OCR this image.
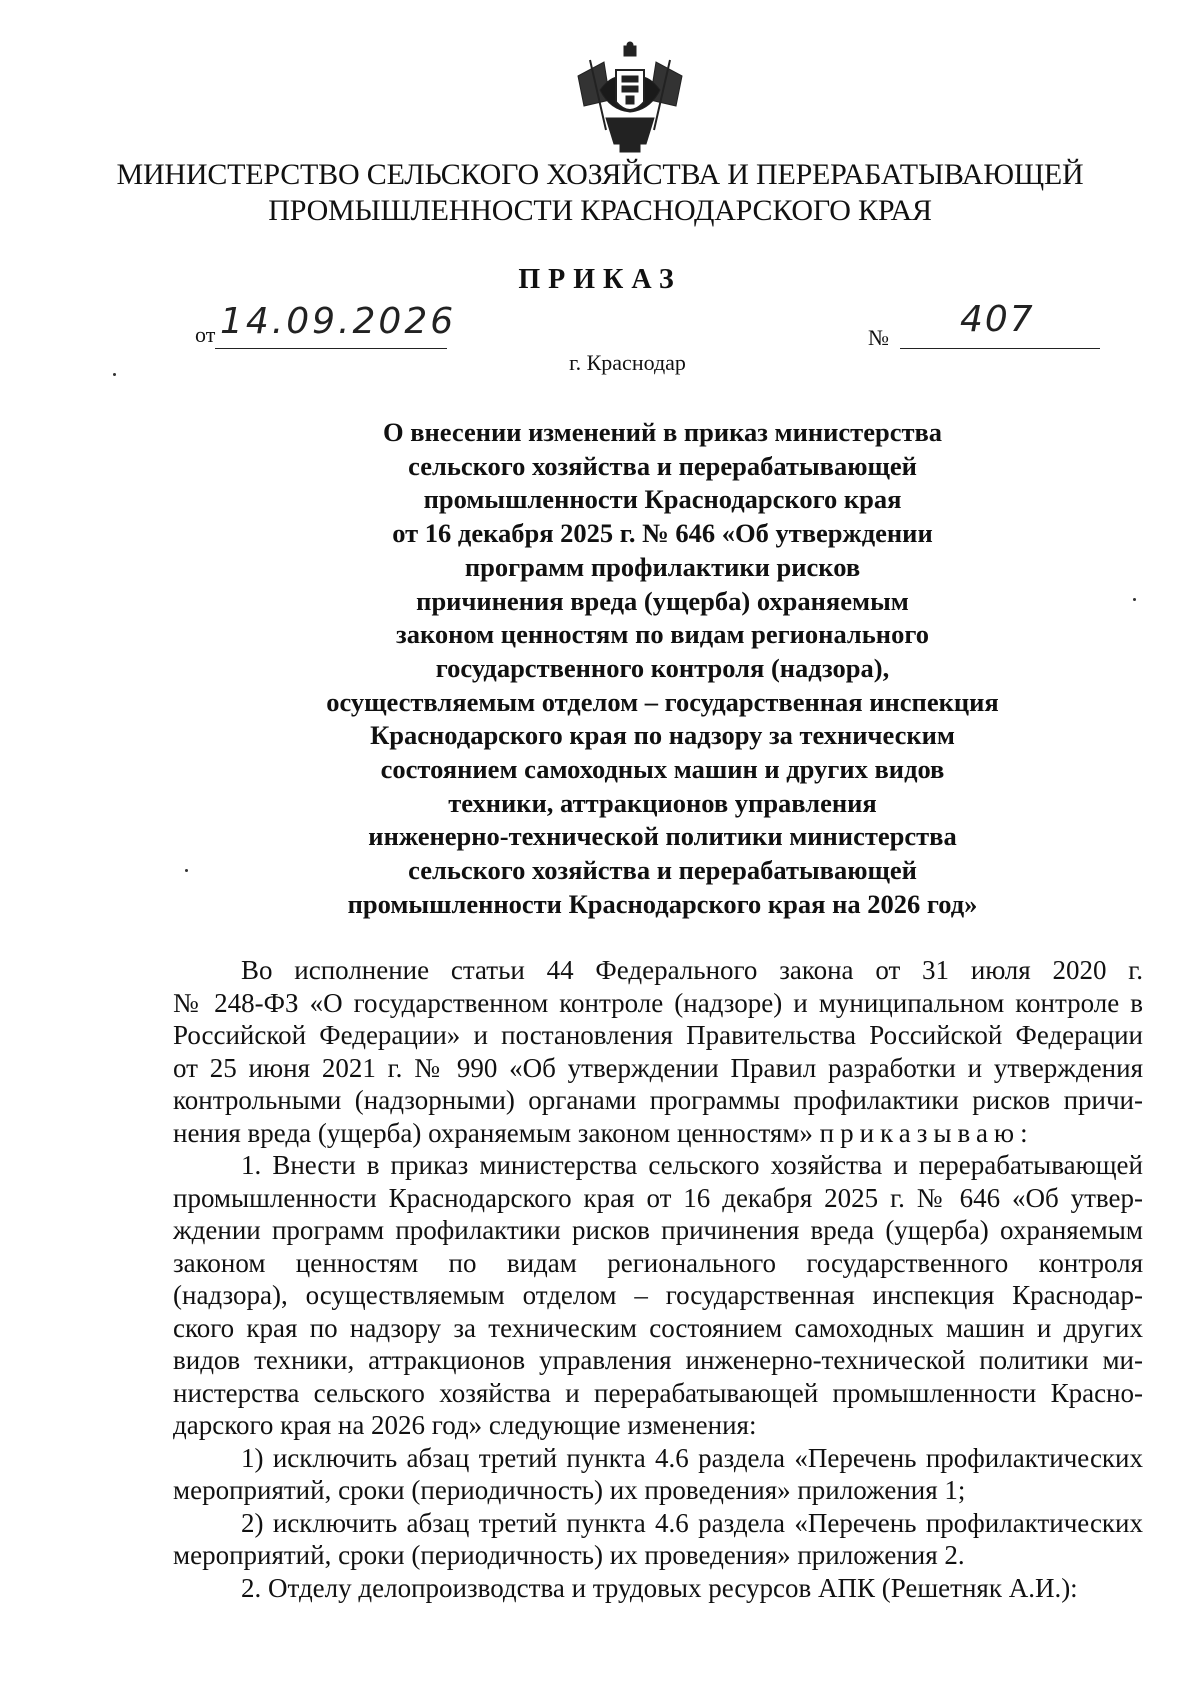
МИНИСТЕРСТВО СЕЛЬСКОГО ХОЗЯЙСТВА И ПЕРЕРАБАТЫВАЮЩЕЙ
ПРОМЫШЛЕННОСТИ КРАСНОДАРСКОГО КРАЯ
ПРИКАЗ
от 14.09.2026	№ 407
г. Краснодар
О внесении изменений в приказ министерства
сельского хозяйства и перерабатывающей
промышленности Краснодарского края
от 16 декабря 2025 г. № 646 «Об утверждении
программ профилактики рисков
причинения вреда (ущерба) охраняемым
законом ценностям по видам регионального
государственного контроля (надзора),
осуществляемым отделом – государственная инспекция
Краснодарского края по надзору за техническим
состоянием самоходных машин и других видов
техники, аттракционов управления
инженерно-технической политики министерства
сельского хозяйства и перерабатывающей
промышленности Краснодарского края на 2026 год»
Во исполнение статьи 44 Федерального закона от 31 июля 2020 г.
№ 248-ФЗ «О государственном контроле (надзоре) и муниципальном контроле в
Российской Федерации» и постановления Правительства Российской Федерации
от 25 июня 2021 г. № 990 «Об утверждении Правил разработки и утверждения
контрольными (надзорными) органами программы профилактики рисков причи-
нения вреда (ущерба) охраняемым законом ценностям» приказываю:
1. Внести в приказ министерства сельского хозяйства и перерабатывающей
промышленности Краснодарского края от 16 декабря 2025 г. № 646 «Об утвер-
ждении программ профилактики рисков причинения вреда (ущерба) охраняемым
законом ценностям по видам регионального государственного контроля
(надзора), осуществляемым отделом – государственная инспекция Краснодар-
ского края по надзору за техническим состоянием самоходных машин и других
видов техники, аттракционов управления инженерно-технической политики ми-
нистерства сельского хозяйства и перерабатывающей промышленности Красно-
дарского края на 2026 год» следующие изменения:
1) исключить абзац третий пункта 4.6 раздела «Перечень профилактических
мероприятий, сроки (периодичность) их проведения» приложения 1;
2) исключить абзац третий пункта 4.6 раздела «Перечень профилактических
мероприятий, сроки (периодичность) их проведения» приложения 2.
2. Отделу делопроизводства и трудовых ресурсов АПК (Решетняк А.И.):
